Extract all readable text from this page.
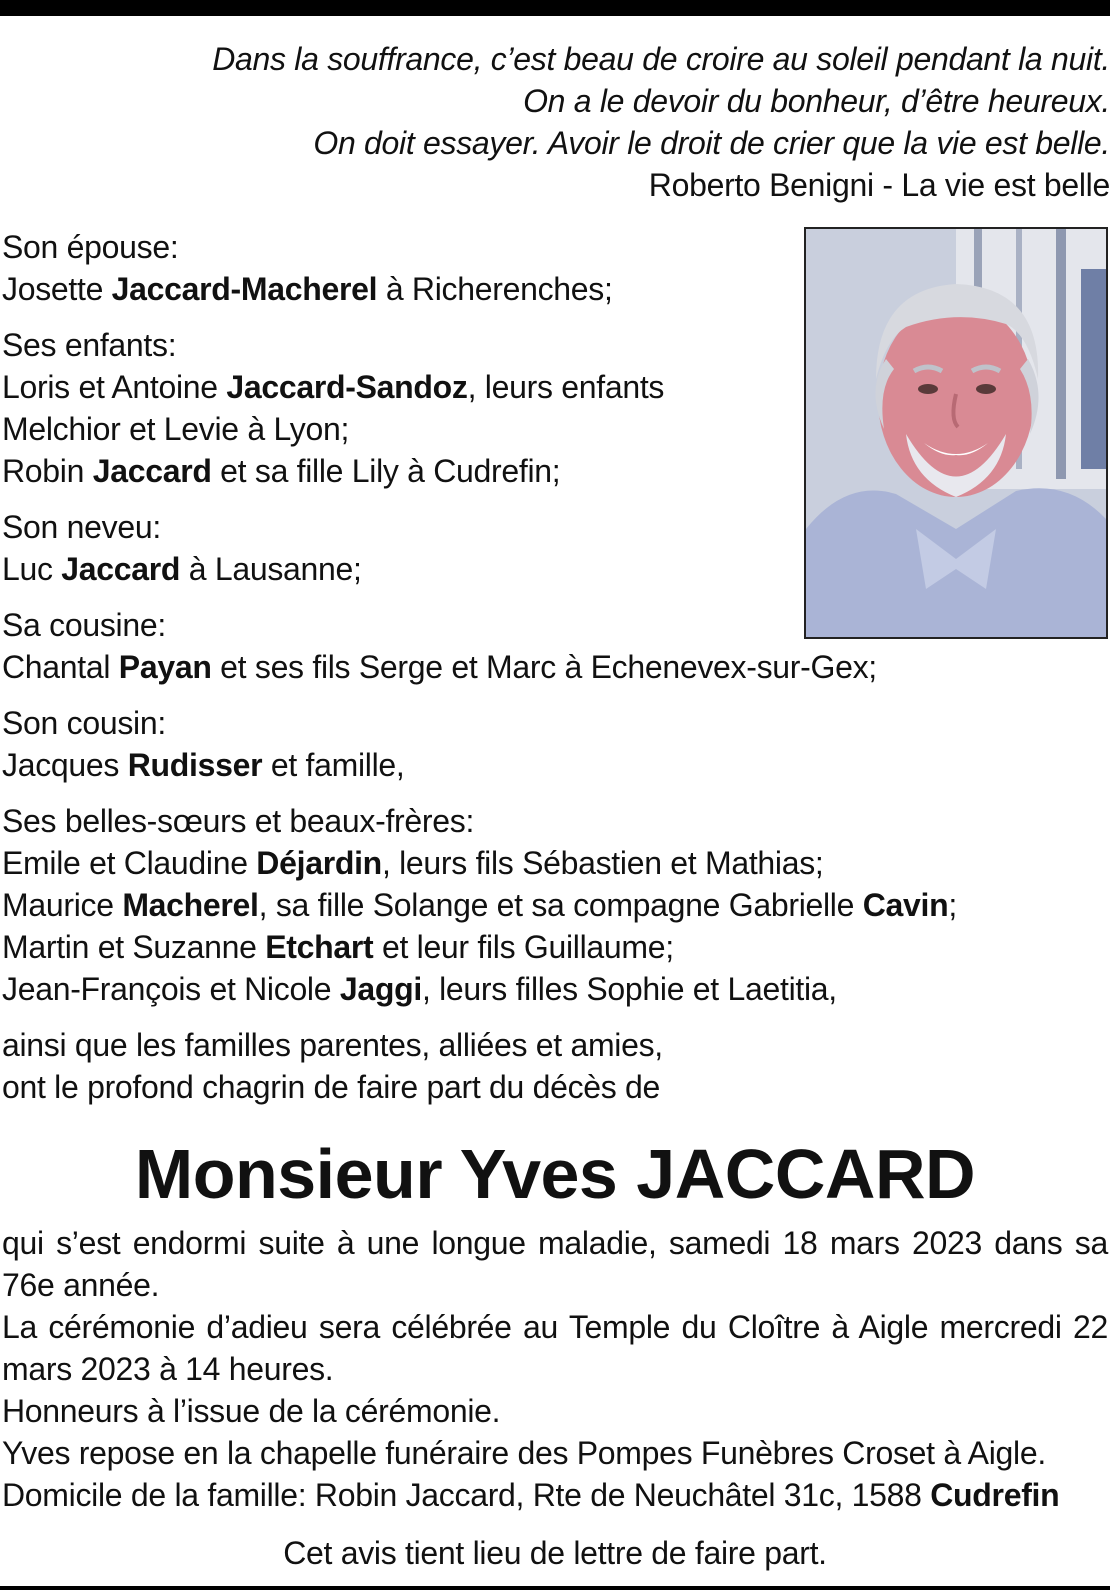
Dans la souffrance, c’est beau de croire au soleil pendant la nuit.
On a le devoir du bonheur, d’être heureux.
On doit essayer. Avoir le droit de crier que la vie est belle.
Roberto Benigni - La vie est belle
Son épouse:
Josette Jaccard-Macherel à Richerenches;
Ses enfants:
Loris et Antoine Jaccard-Sandoz, leurs enfants
Melchior et Levie à Lyon;
Robin Jaccard et sa fille Lily à Cudrefin;
Son neveu:
Luc Jaccard à Lausanne;
Sa cousine:
Chantal Payan et ses fils Serge et Marc à Echenevex-sur-Gex;
Son cousin:
Jacques Rudisser et famille,
Ses belles-sœurs et beaux-frères:
Emile et Claudine Déjardin, leurs fils Sébastien et Mathias;
Maurice Macherel, sa fille Solange et sa compagne Gabrielle Cavin;
Martin et Suzanne Etchart et leur fils Guillaume;
Jean-François et Nicole Jaggi, leurs filles Sophie et Laetitia,
ainsi que les familles parentes, alliées et amies,
ont le profond chagrin de faire part du décès de
Monsieur Yves JACCARD
qui s’est endormi suite à une longue maladie, samedi 18 mars 2023 dans sa 76e année.
La cérémonie d’adieu sera célébrée au Temple du Cloître à Aigle mercredi 22 mars 2023 à 14 heures.
Honneurs à l’issue de la cérémonie.
Yves repose en la chapelle funéraire des Pompes Funèbres Croset à Aigle.
Domicile de la famille: Robin Jaccard, Rte de Neuchâtel 31c, 1588 Cudrefin
Cet avis tient lieu de lettre de faire part.
